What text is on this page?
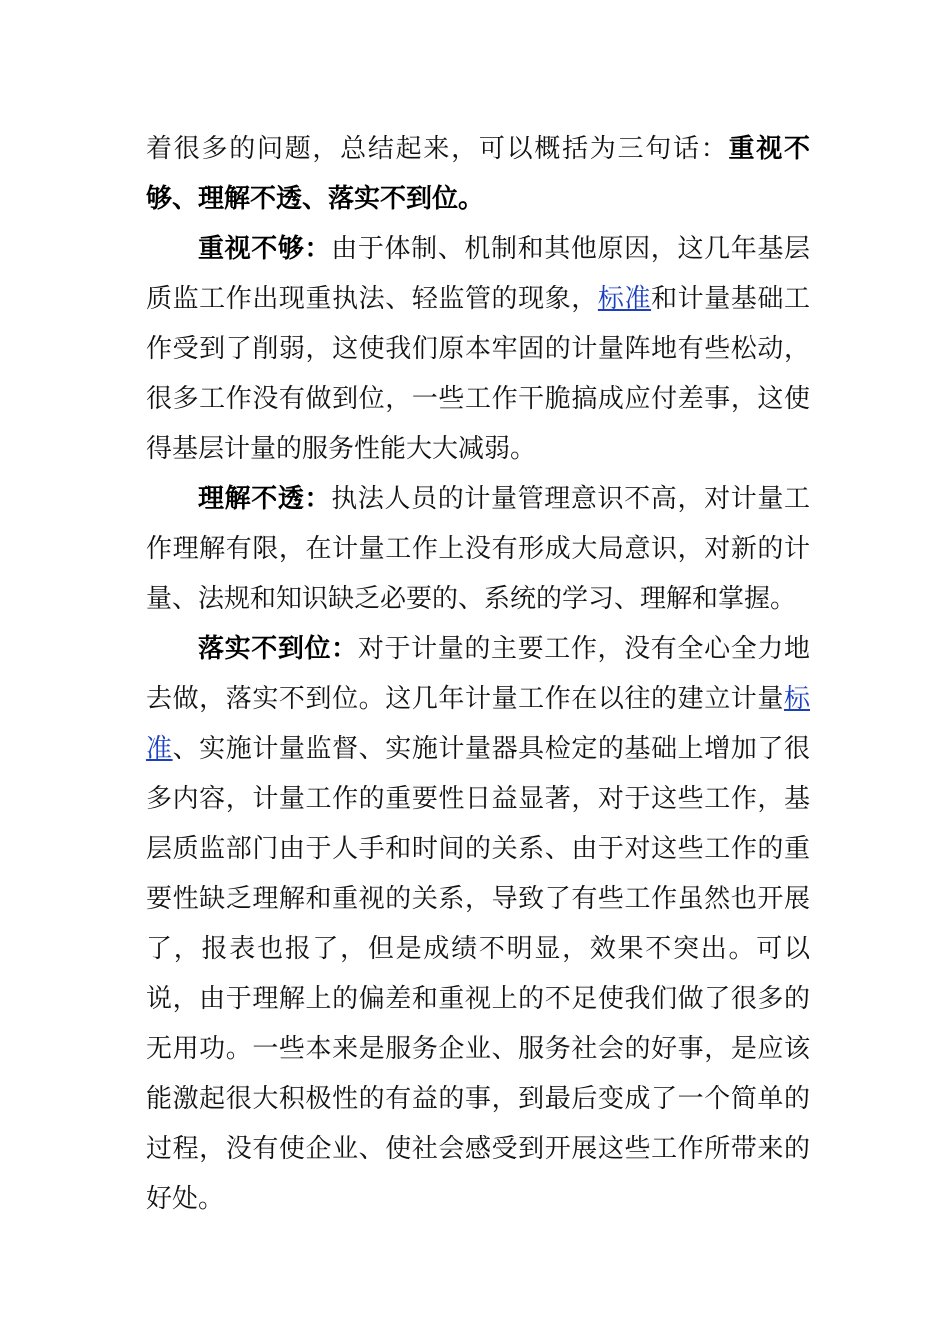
着很多的问题，总结起来，可以概括为三句话：重视不够、理解不透、落实不到位。

重视不够：由于体制、机制和其他原因，这几年基层质监工作出现重执法、轻监管的现象，标准和计量基础工作受到了削弱，这使我们原本牢固的计量阵地有些松动，很多工作没有做到位，一些工作干脆搞成应付差事，这使得基层计量的服务性能大大减弱。

理解不透：执法人员的计量管理意识不高，对计量工作理解有限，在计量工作上没有形成大局意识，对新的计量、法规和知识缺乏必要的、系统的学习、理解和掌握。

落实不到位：对于计量的主要工作，没有全心全力地去做，落实不到位。这几年计量工作在以往的建立计量标准、实施计量监督、实施计量器具检定的基础上增加了很多内容，计量工作的重要性日益显著，对于这些工作，基层质监部门由于人手和时间的关系、由于对这些工作的重要性缺乏理解和重视的关系，导致了有些工作虽然也开展了，报表也报了，但是成绩不明显，效果不突出。可以说，由于理解上的偏差和重视上的不足使我们做了很多的无用功。一些本来是服务企业、服务社会的好事，是应该能激起很大积极性的有益的事，到最后变成了一个简单的过程，没有使企业、使社会感受到开展这些工作所带来的好处。
